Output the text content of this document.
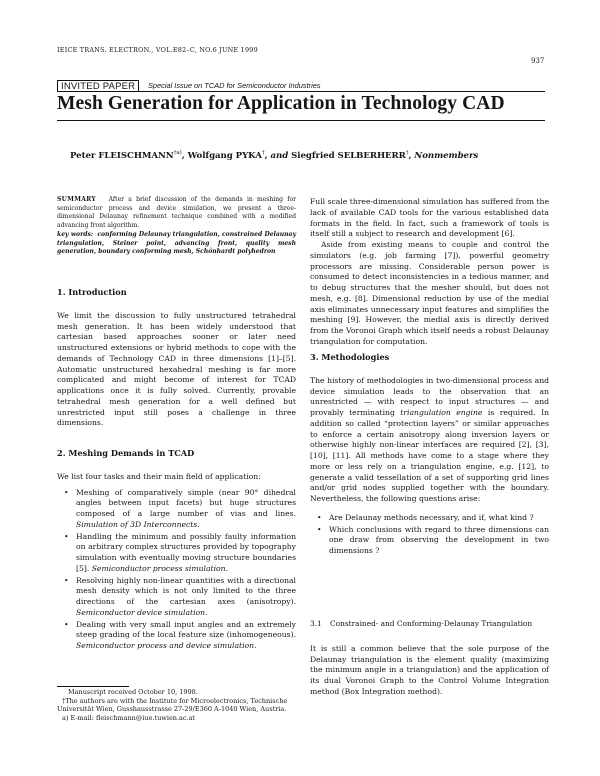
IEICE TRANS. ELECTRON., VOL.E82–C, NO.6 JUNE 1999
937
INVITED PAPER	Special Issue on TCAD for Semiconductor Industries
Mesh Generation for Application in Technology CAD
Peter FLEISCHMANN$^{\dagger a)}$, Wolfgang PYKA†, and Siegfried SELBERHERR†, Nonmembers

SUMMARY After a brief discussion of the demands in meshing for semiconductor process and device simulation, we present a three-dimensional Delaunay refinement technique combined with a modified advancing front algorithm.
key words: conforming Delaunay triangulation, constrained Delaunay triangulation, Steiner point, advancing front, quality mesh generation, boundary conforming mesh, Schönhardt polyhedron

1. Introduction

We limit the discussion to fully unstructured tetrahedral mesh generation. It has been widely understood that cartesian based approaches sooner or later need unstructured extensions or hybrid methods to cope with the demands of Technology CAD in three dimensions [1]–[5]. Automatic unstructured hexahedral meshing is far more complicated and might become of interest for TCAD applications once it is fully solved. Currently, provable tetrahedral mesh generation for a well defined but unrestricted input still poses a challenge in three dimensions.

2. Meshing Demands in TCAD

We list four tasks and their main field of application:

• Meshing of comparatively simple (near 90° dihedral angles between input facets) but huge structures composed of a large number of vias and lines. Simulation of 3D Interconnects.
• Handling the minimum and possibly faulty information on arbitrary complex structures provided by topography simulation with eventually moving structure boundaries [5]. Semiconductor process simulation.
• Resolving highly non-linear quantities with a directional mesh density which is not only limited to the three directions of the cartesian axes (anisotropy). Semiconductor device simulation.
• Dealing with very small input angles and an extremely steep grading of the local feature size (inhomogeneous). Semiconductor process and device simulation.
Manuscript received October 10, 1998.
†The authors are with the Institute for Microelectronics, Technische Universität Wien, Gusshausstrasse 27-29/E360 A-1040 Wien, Austria.
a) E-mail: fleischmann@iue.tuwien.ac.at

Full scale three-dimensional simulation has suffered from the lack of available CAD tools for the various established data formats in the field. In fact, such a framework of tools is itself still a subject to research and development [6].

Aside from existing means to couple and control the simulators (e.g. job farming [7]), powerful geometry processors are missing. Considerable person power is consumed to detect inconsistencies in a tedious manner, and to debug structures that the mesher should, but does not mesh, e.g. [8]. Dimensional reduction by use of the medial axis eliminates unnecessary input features and simplifies the meshing [9]. However, the medial axis is directly derived from the Voronoi Graph which itself needs a robust Delaunay triangulation for computation.

3. Methodologies

The history of methodologies in two-dimensional process and device simulation leads to the observation that an unrestricted — with respect to input structures — and provably terminating triangulation engine is required. In addition so called “protection layers” or similar approaches to enforce a certain anisotropy along inversion layers or otherwise highly non-linear interfaces are required [2], [3], [10], [11]. All methods have come to a stage where they more or less rely on a triangulation engine, e.g. [12], to generate a valid tessellation of a set of supporting grid lines and/or grid nodes supplied together with the boundary. Nevertheless, the following questions arise:

• Are Delaunay methods necessary, and if, what kind ?
• Which conclusions with regard to three dimensions can one draw from observing the development in two dimensions ?
3.1	Constrained- and Conforming-Delaunay Triangulation

It is still a common believe that the sole purpose of the Delaunay triangulation is the element quality (maximizing the minimum angle in a triangulation) and the application of its dual Voronoi Graph to the Control Volume Integration method (Box Integration method).
